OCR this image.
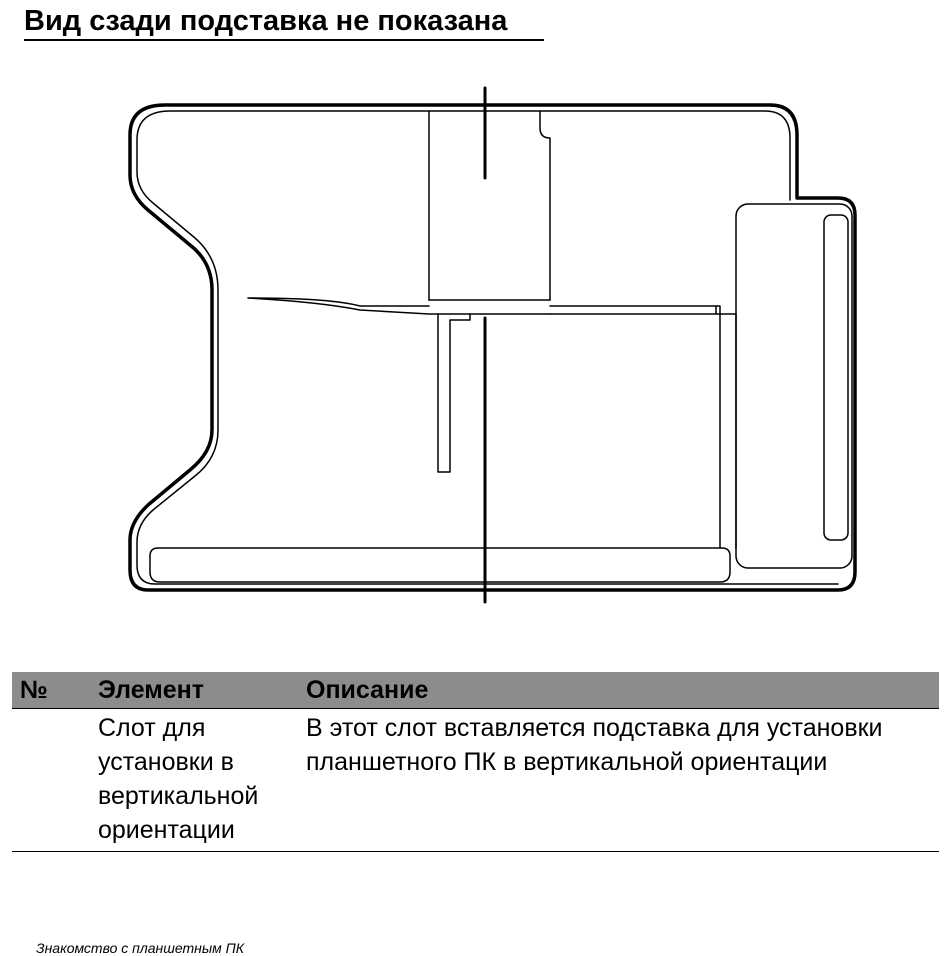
Вид сзади подставка не показана
№	Элемент	Описание
	Слот для установки в вертикальной ориентации	В этот слот вставляется подставка для установки планшетного ПК в вертикальной ориентации
Знакомство с планшетным ПК
